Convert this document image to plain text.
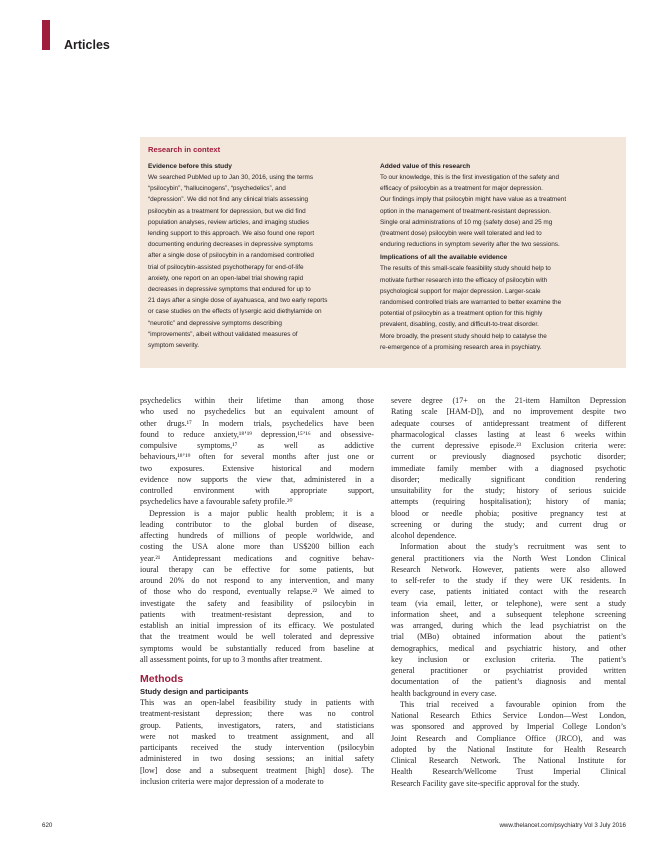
Articles
Research in context
Evidence before this study
We searched PubMed up to Jan 30, 2016, using the terms
“psilocybin”, “hallucinogens”, “psychedelics”, and
“depression”. We did not find any clinical trials assessing
psilocybin as a treatment for depression, but we did find
population analyses, review articles, and imaging studies
lending support to this approach. We also found one report
documenting enduring decreases in depressive symptoms
after a single dose of psilocybin in a randomised controlled
trial of psilocybin-assisted psychotherapy for end-of-life
anxiety, one report on an open-label trial showing rapid
decreases in depressive symptoms that endured for up to
21 days after a single dose of ayahuasca, and two early reports
or case studies on the effects of lysergic acid diethylamide on
“neurotic” and depressive symptoms describing
“improvements”, albeit without validated measures of
symptom severity.
Added value of this research
To our knowledge, this is the first investigation of the safety and
efficacy of psilocybin as a treatment for major depression.
Our findings imply that psilocybin might have value as a treatment
option in the management of treatment-resistant depression.
Single oral administrations of 10 mg (safety dose) and 25 mg
(treatment dose) psilocybin were well tolerated and led to
enduring reductions in symptom severity after the two sessions.
Implications of all the available evidence
The results of this small-scale feasibility study should help to
motivate further research into the efficacy of psilocybin with
psychological support for major depression. Larger-scale
randomised controlled trials are warranted to better examine the
potential of psilocybin as a treatment option for this highly
prevalent, disabling, costly, and difficult-to-treat disorder.
More broadly, the present study should help to catalyse the
re-emergence of a promising research area in psychiatry.
psychedelics within their lifetime than among those
who used no psychedelics but an equivalent amount of
other drugs.¹⁷ In modern trials, psychedelics have been
found to reduce anxiety,¹⁸ʼ¹⁹ depression,¹⁵ʼ¹⁶ and obsessive-
compulsive symptoms,¹⁷ as well as addictive
behaviours,¹⁸ʼ¹⁹ often for several months after just one or
two exposures. Extensive historical and modern
evidence now supports the view that, administered in a
controlled environment with appropriate support,
psychedelics have a favourable safety profile.²⁰
Depression is a major public health problem; it is a
leading contributor to the global burden of disease,
affecting hundreds of millions of people worldwide, and
costing the USA alone more than US$200 billion each
year.²¹ Antidepressant medications and cognitive behav-
ioural therapy can be effective for some patients, but
around 20% do not respond to any intervention, and many
of those who do respond, eventually relapse.²² We aimed to
investigate the safety and feasibility of psilocybin in
patients with treatment-resistant depression, and to
establish an initial impression of its efficacy. We postulated
that the treatment would be well tolerated and depressive
symptoms would be substantially reduced from baseline at
all assessment points, for up to 3 months after treatment.
Methods
Study design and participants
This was an open-label feasibility study in patients with
treatment-resistant depression; there was no control
group. Patients, investigators, raters, and statisticians
were not masked to treatment assignment, and all
participants received the study intervention (psilocybin
administered in two dosing sessions; an initial safety
[low] dose and a subsequent treatment [high] dose). The
inclusion criteria were major depression of a moderate to
severe degree (17+ on the 21-item Hamilton Depression
Rating scale [HAM-D]), and no improvement despite two
adequate courses of antidepressant treatment of different
pharmacological classes lasting at least 6 weeks within
the current depressive episode.²³ Exclusion criteria were:
current or previously diagnosed psychotic disorder;
immediate family member with a diagnosed psychotic
disorder; medically significant condition rendering
unsuitability for the study; history of serious suicide
attempts (requiring hospitalisation); history of mania;
blood or needle phobia; positive pregnancy test at
screening or during the study; and current drug or
alcohol dependence.
Information about the study’s recruitment was sent to
general practitioners via the North West London Clinical
Research Network. However, patients were also allowed
to self-refer to the study if they were UK residents. In
every case, patients initiated contact with the research
team (via email, letter, or telephone), were sent a study
information sheet, and a subsequent telephone screening
was arranged, during which the lead psychiatrist on the
trial (MBo) obtained information about the patient’s
demographics, medical and psychiatric history, and other
key inclusion or exclusion criteria. The patient’s
general practitioner or psychiatrist provided written
documentation of the patient’s diagnosis and mental
health background in every case.
This trial received a favourable opinion from the
National Research Ethics Service London—West London,
was sponsored and approved by Imperial College London’s
Joint Research and Compliance Office (JRCO), and was
adopted by the National Institute for Health Research
Clinical Research Network. The National Institute for
Health Research/Wellcome Trust Imperial Clinical
Research Facility gave site-specific approval for the study.
620	www.thelancet.com/psychiatry Vol 3 July 2016
